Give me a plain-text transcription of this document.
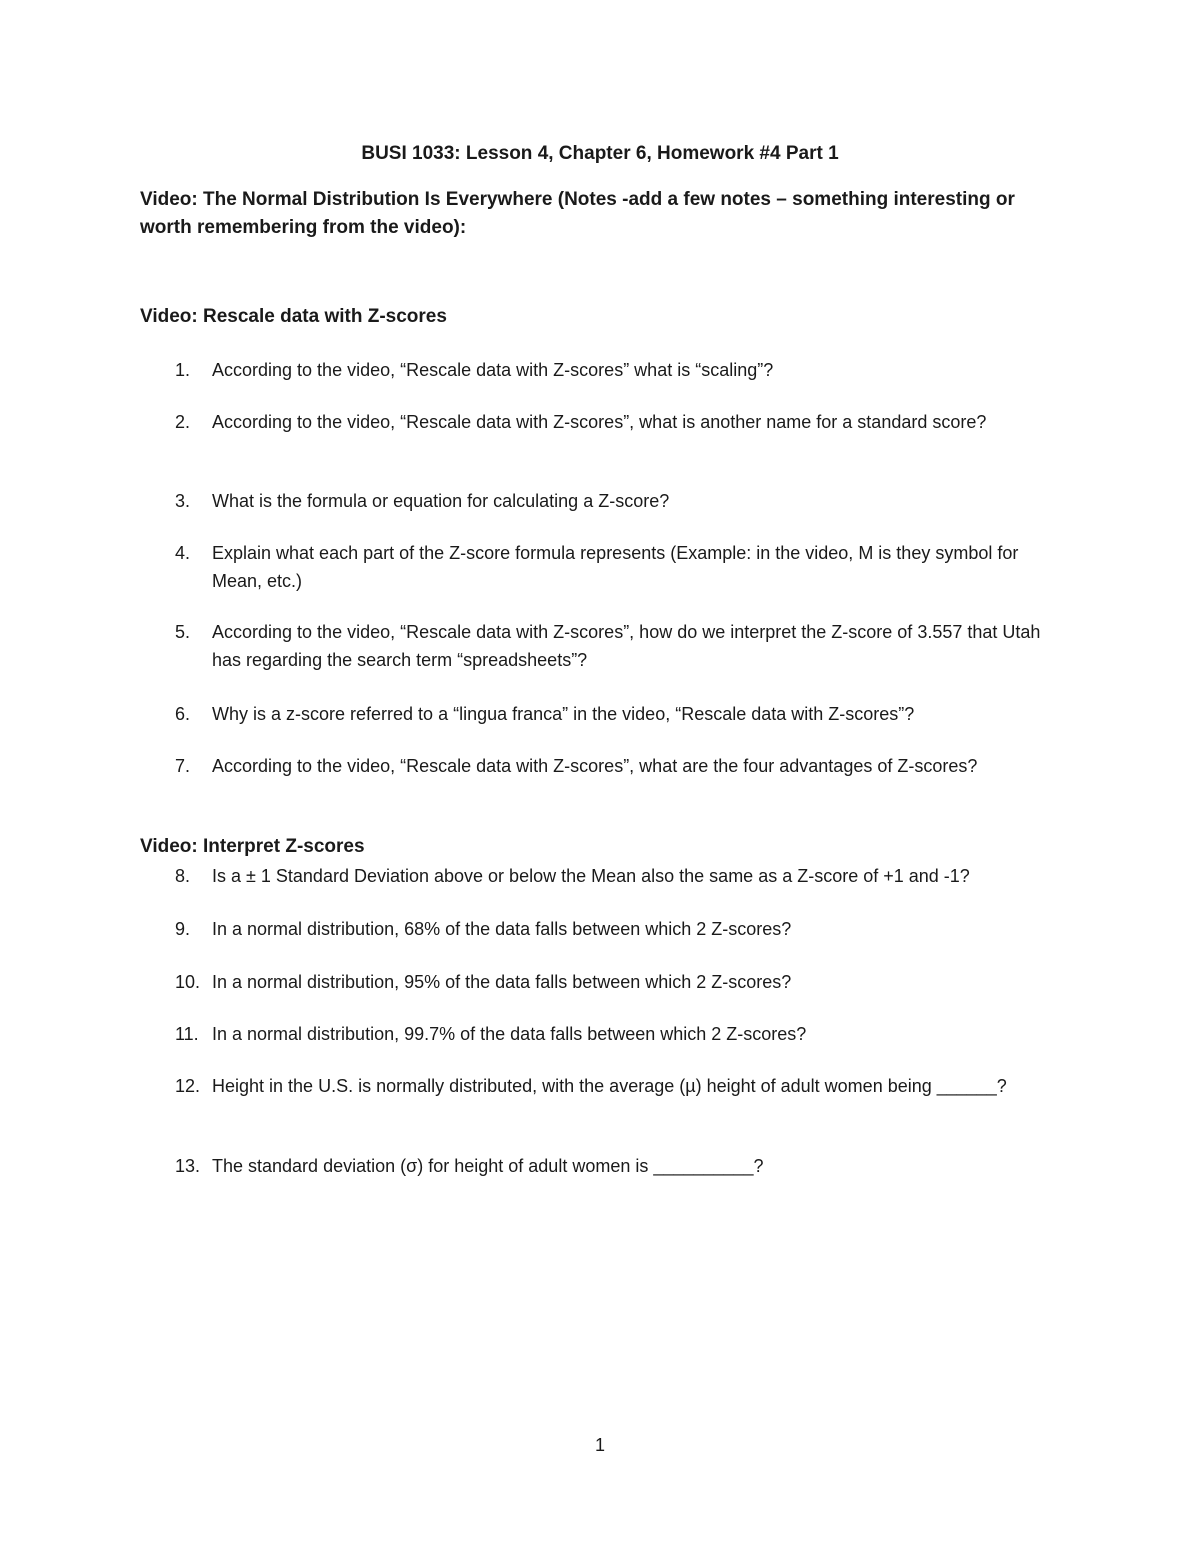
BUSI 1033: Lesson 4, Chapter 6, Homework #4 Part 1
Video: The Normal Distribution Is Everywhere (Notes -add a few notes – something interesting or worth remembering from the video):
Video: Rescale data with Z-scores
1. According to the video, “Rescale data with Z-scores” what is “scaling”?
2. According to the video, “Rescale data with Z-scores”, what is another name for a standard score?
3. What is the formula or equation for calculating a Z-score?
4. Explain what each part of the Z-score formula represents (Example: in the video, M is they symbol for Mean, etc.)
5. According to the video, “Rescale data with Z-scores”, how do we interpret the Z-score of 3.557 that Utah has regarding the search term “spreadsheets”?
6. Why is a z-score referred to a “lingua franca” in the video, “Rescale data with Z-scores”?
7. According to the video, “Rescale data with Z-scores”, what are the four advantages of Z-scores?
Video: Interpret Z-scores
8. Is a ± 1 Standard Deviation above or below the Mean also the same as a Z-score of +1 and -1?
9. In a normal distribution, 68% of the data falls between which 2 Z-scores?
10. In a normal distribution, 95% of the data falls between which 2 Z-scores?
11. In a normal distribution, 99.7% of the data falls between which 2 Z-scores?
12. Height in the U.S. is normally distributed, with the average (µ) height of adult women being ______?
13. The standard deviation (σ) for height of adult women is __________?
1
